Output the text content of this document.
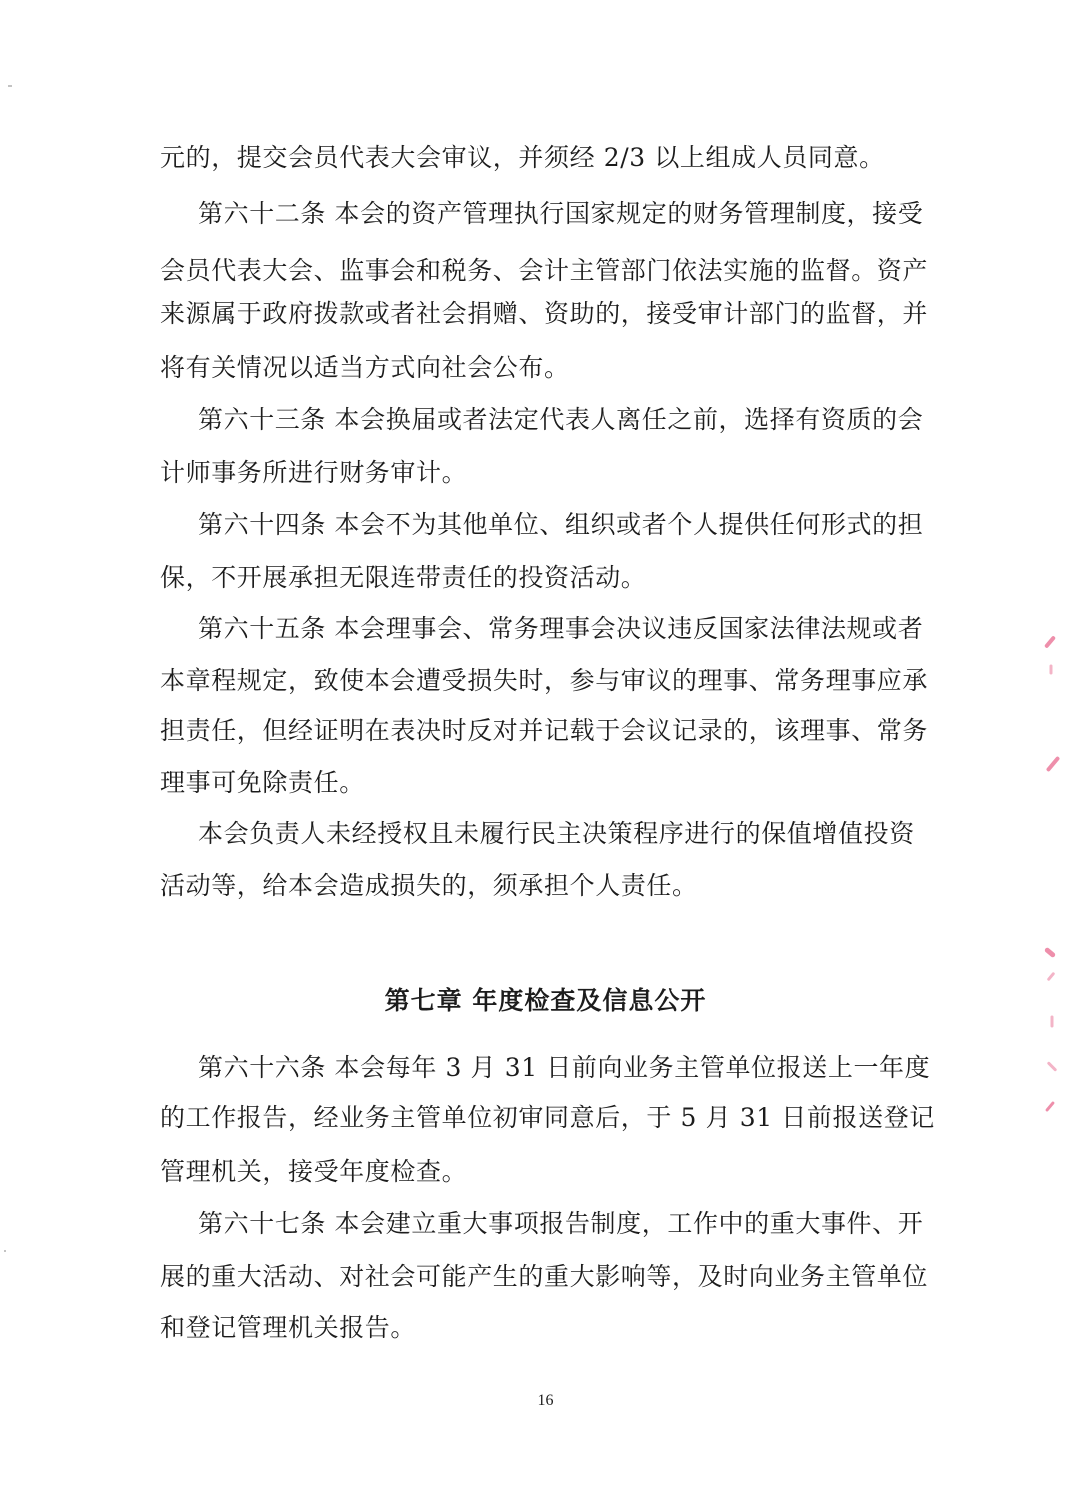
元的，提交会员代表大会审议，并须经 2/3 以上组成人员同意。
第六十二条 本会的资产管理执行国家规定的财务管理制度，接受
会员代表大会、监事会和税务、会计主管部门依法实施的监督。资产
来源属于政府拨款或者社会捐赠、资助的，接受审计部门的监督，并
将有关情况以适当方式向社会公布。
第六十三条 本会换届或者法定代表人离任之前，选择有资质的会
计师事务所进行财务审计。
第六十四条 本会不为其他单位、组织或者个人提供任何形式的担
保，不开展承担无限连带责任的投资活动。
第六十五条 本会理事会、常务理事会决议违反国家法律法规或者
本章程规定，致使本会遭受损失时，参与审议的理事、常务理事应承
担责任，但经证明在表决时反对并记载于会议记录的，该理事、常务
理事可免除责任。
本会负责人未经授权且未履行民主决策程序进行的保值增值投资
活动等，给本会造成损失的，须承担个人责任。
第七章 年度检查及信息公开
第六十六条 本会每年 3 月 31 日前向业务主管单位报送上一年度
的工作报告，经业务主管单位初审同意后，于 5 月 31 日前报送登记
管理机关，接受年度检查。
第六十七条 本会建立重大事项报告制度，工作中的重大事件、开
展的重大活动、对社会可能产生的重大影响等，及时向业务主管单位
和登记管理机关报告。
16
